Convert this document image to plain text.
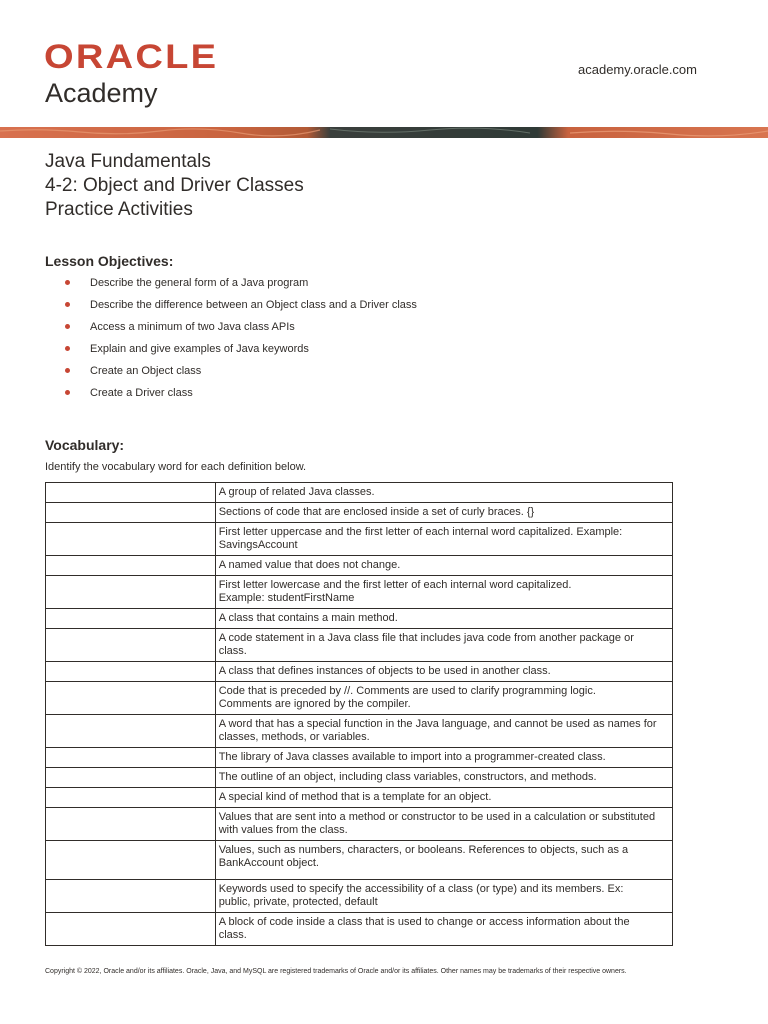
ORACLE
Academy
academy.oracle.com
Java Fundamentals
4-2: Object and Driver Classes
Practice Activities
Lesson Objectives:
Describe the general form of a Java program
Describe the difference between an Object class and a Driver class
Access a minimum of two Java class APIs
Explain and give examples of Java keywords
Create an Object class
Create a Driver class
Vocabulary:
Identify the vocabulary word for each definition below.

	A group of related Java classes.

	Sections of code that are enclosed inside a set of curly braces. {}

	First letter uppercase and the first letter of each internal word capitalized. Example:
SavingsAccount

	A named value that does not change.

	First letter lowercase and the first letter of each internal word capitalized.
Example: studentFirstName

	A class that contains a main method.

	A code statement in a Java class file that includes java code from another package or
class.

	A class that defines instances of objects to be used in another class.

	Code that is preceded by //. Comments are used to clarify programming logic.
Comments are ignored by the compiler.

	A word that has a special function in the Java language, and cannot be used as names for
classes, methods, or variables.

	The library of Java classes available to import into a programmer-created class.

	The outline of an object, including class variables, constructors, and methods.

	A special kind of method that is a template for an object.

	Values that are sent into a method or constructor to be used in a calculation or substituted
with values from the class.

	Values, such as numbers, characters, or booleans. References to objects, such as a
BankAccount object.

	Keywords used to specify the accessibility of a class (or type) and its members. Ex:
public, private, protected, default

	A block of code inside a class that is used to change or access information about the
class.
Copyright © 2022, Oracle and/or its affiliates. Oracle, Java, and MySQL are registered trademarks of Oracle and/or its affiliates. Other names may be trademarks of their respective owners.
